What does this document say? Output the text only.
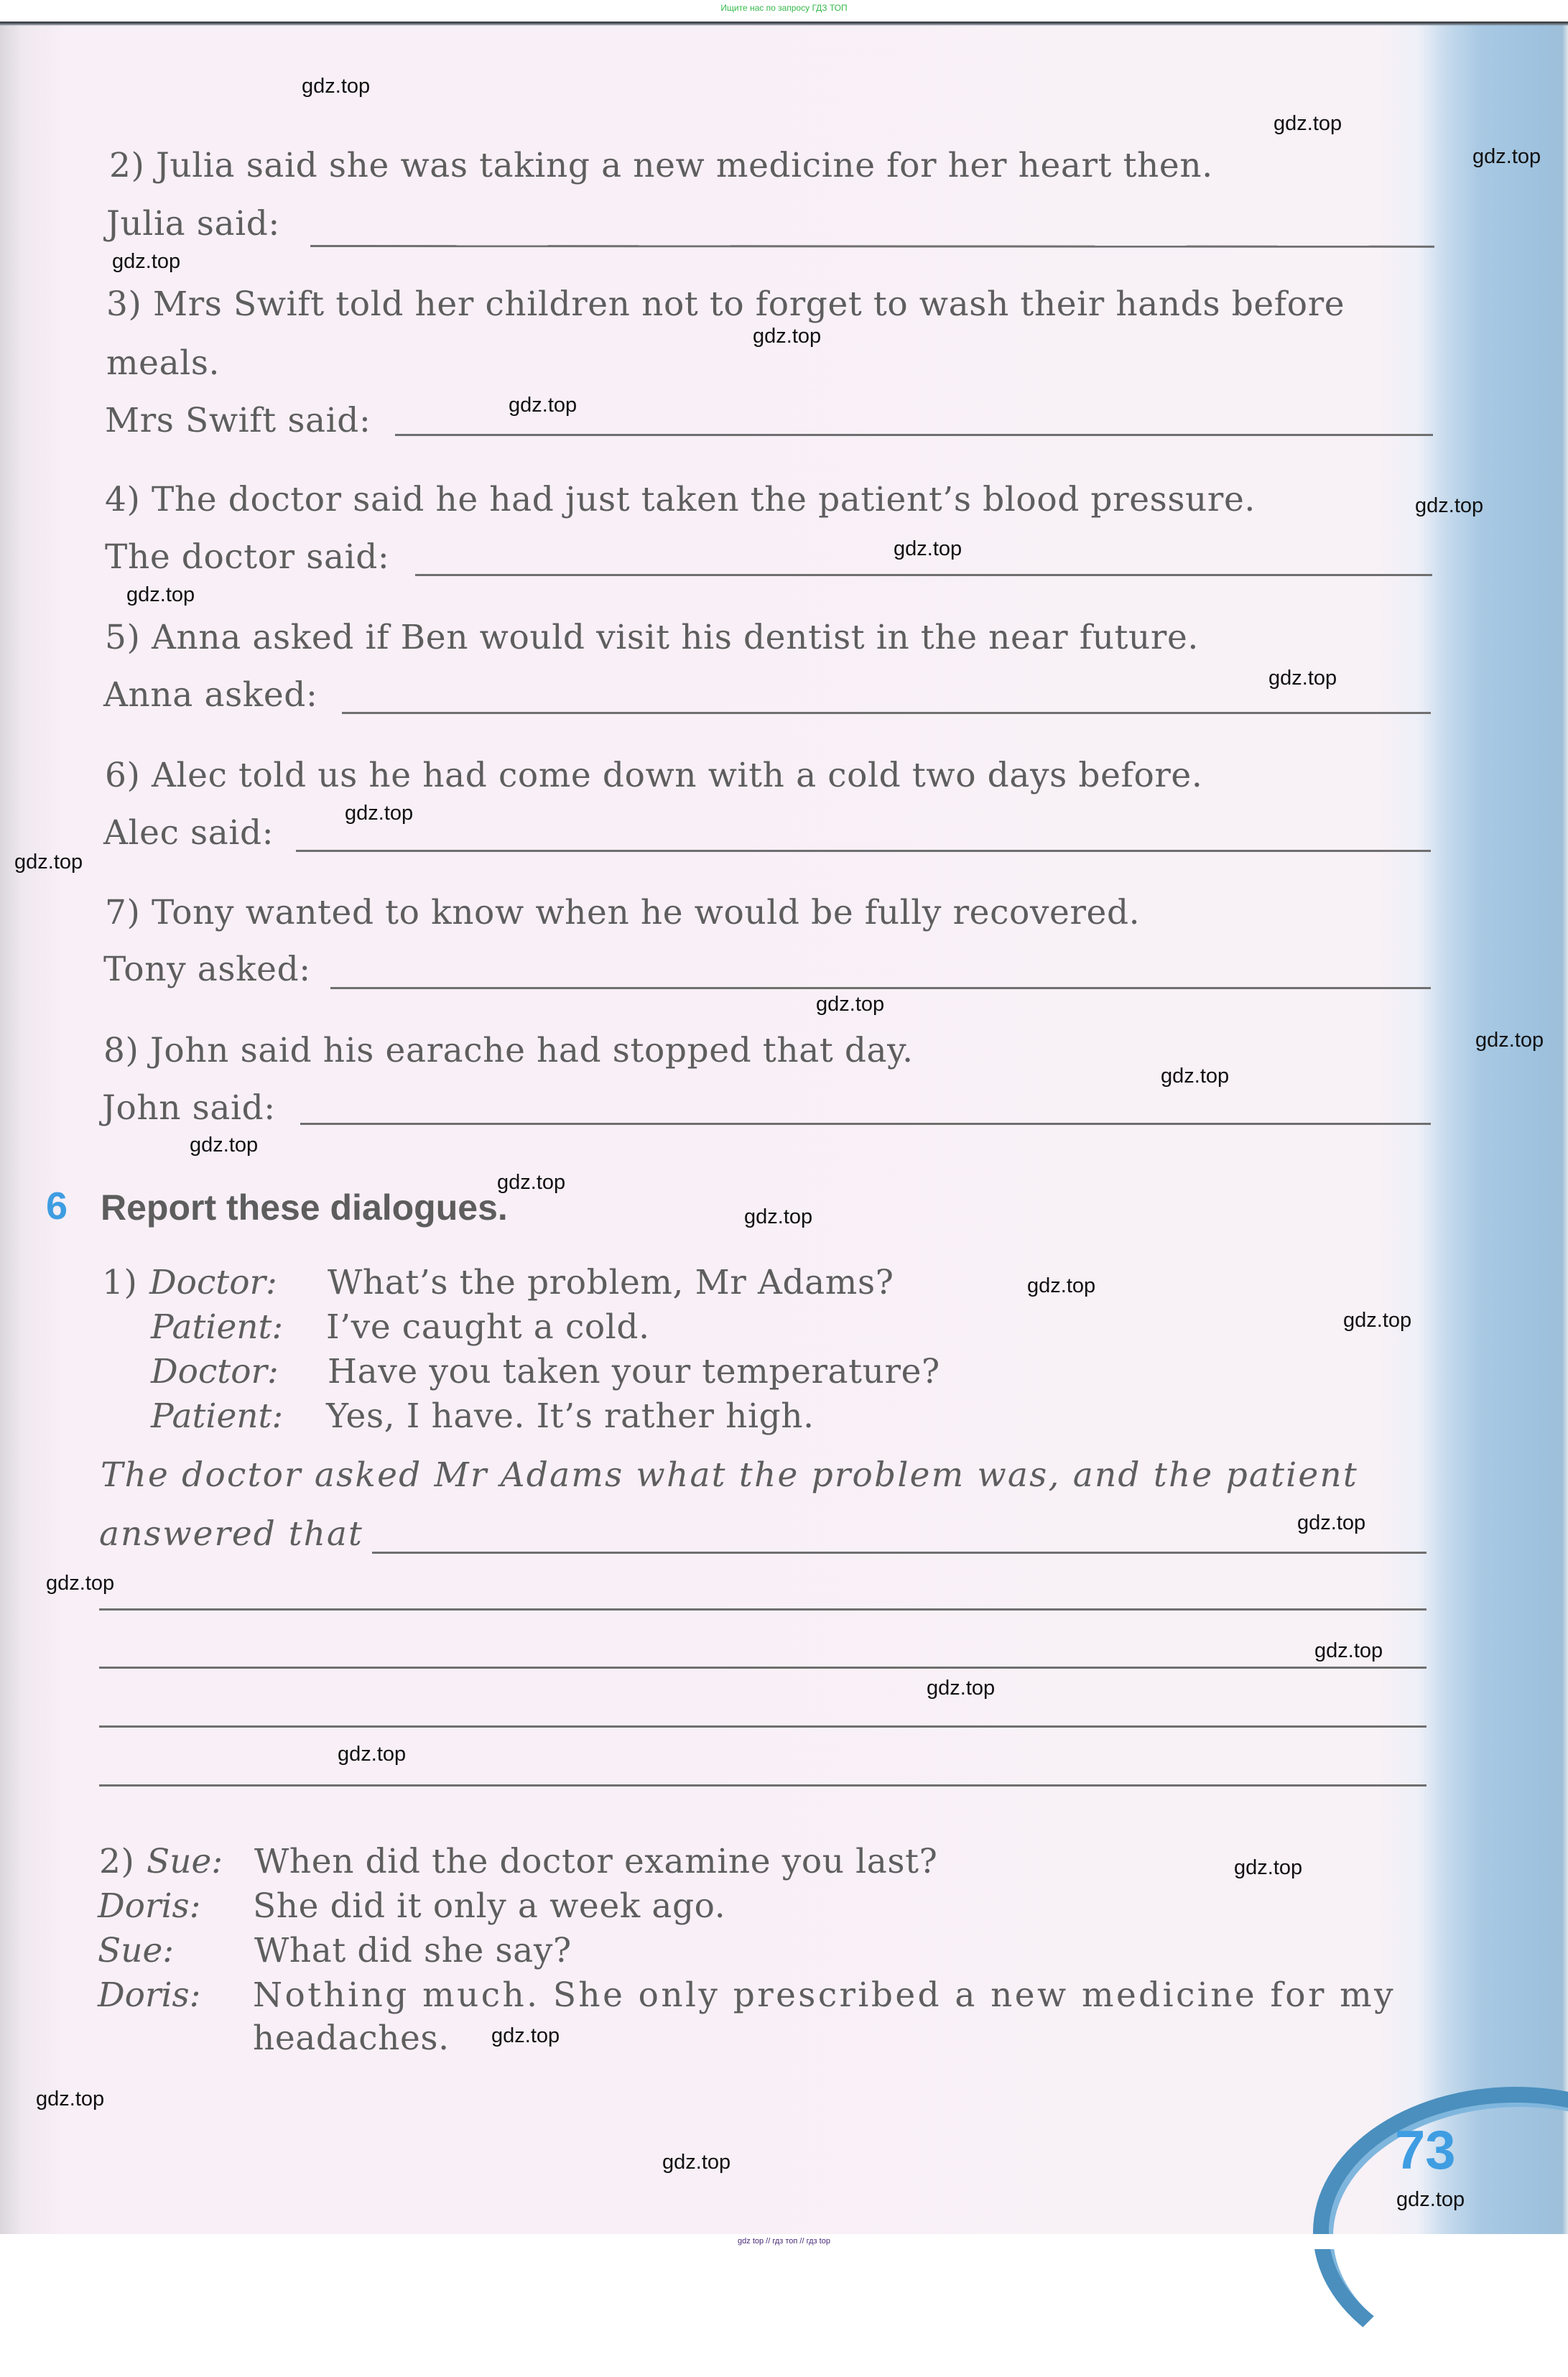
Ищите нас по запросу ГДЗ ТОП
2) Julia said she was taking a new medicine for her heart then.
Julia said:
3) Mrs Swift told her children not to forget to wash their hands before
meals.
Mrs Swift said:
4) The doctor said he had just taken the patient’s blood pressure.
The doctor said:
5) Anna asked if Ben would visit his dentist in the near future.
Anna asked:
6) Alec told us he had come down with a cold two days before.
Alec said:
7) Tony wanted to know when he would be fully recovered.
Tony asked:
8) John said his earache had stopped that day.
John said:
6 Report these dialogues.
1) Doctor: What’s the problem, Mr Adams?
Patient: I’ve caught a cold.
Doctor: Have you taken your temperature?
Patient: Yes, I have. It’s rather high.
The doctor asked Mr Adams what the problem was, and the patient
answered that
2) Sue: When did the doctor examine you last?
Doris: She did it only a week ago.
Sue: What did she say?
Doris: Nothing much. She only prescribed a new medicine for my
headaches.
73
gdz.top
gdz.top
gdz.top
gdz.top
gdz.top
gdz.top
gdz.top
gdz.top
gdz.top
gdz.top
gdz.top
gdz.top
gdz.top
gdz.top
gdz.top
gdz.top
gdz.top
gdz.top
gdz.top
gdz.top
gdz.top
gdz.top
gdz.top
gdz.top
gdz.top
gdz.top
gdz.top
gdz.top
gdz.top
gdz.top
gdz top // гдз топ // гдз top
